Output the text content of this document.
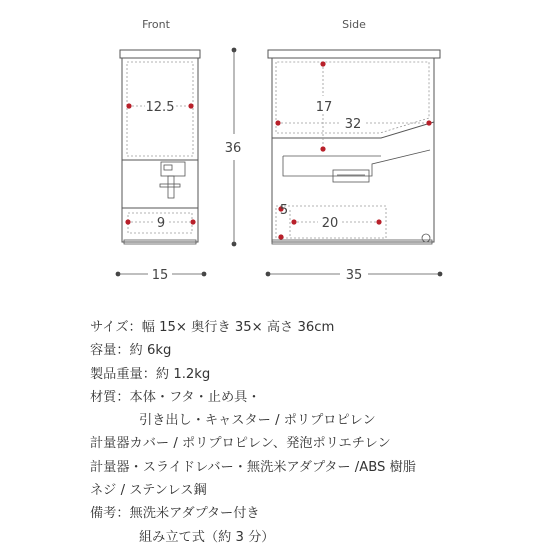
Front	Side
12.5
9
36
15
17
32
5
20
35
サイズ：幅 15× 奥行き 35× 高さ 36cm
容量：約 6kg
製品重量：約 1.2kg
材質：本体・フタ・止め具・
引き出し・キャスター / ポリプロピレン
計量器カバー / ポリプロピレン、発泡ポリエチレン
計量器・スライドレバー・無洗米アダプター /ABS 樹脂
ネジ / ステンレス鋼
備考：無洗米アダプター付き
組み立て式（約 3 分）
